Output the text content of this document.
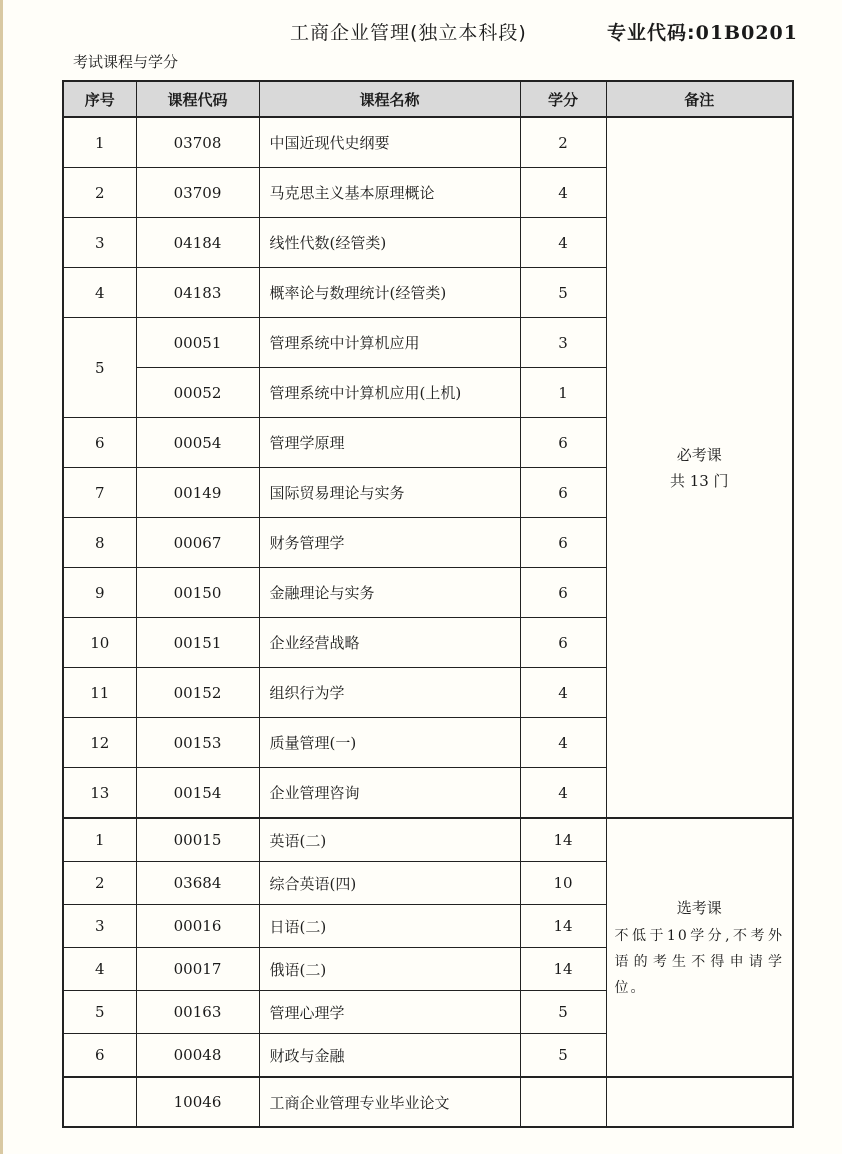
工商企业管理(独立本科段)	专业代码:01B0201
考试课程与学分
序号	课程代码	课程名称	学分	备注
1	03708	中国近现代史纲要	2	必考课
共 13 门
2	03709	马克思主义基本原理概论	4	
3	04184	线性代数(经管类)	4	
4	04183	概率论与数理统计(经管类)	5	
5	00051	管理系统中计算机应用	3	
	00052	管理系统中计算机应用(上机)	1	
6	00054	管理学原理	6	
7	00149	国际贸易理论与实务	6	
8	00067	财务管理学	6	
9	00150	金融理论与实务	6	
10	00151	企业经营战略	6	
11	00152	组织行为学	4	
12	00153	质量管理(一)	4	
13	00154	企业管理咨询	4	
1	00015	英语(二)	14	选考课
不低于10学分,不考外语的考生不得申请学位。

2	03684	综合英语(四)	10	
3	00016	日语(二)	14	
4	00017	俄语(二)	14	
5	00163	管理心理学	5	
6	00048	财政与金融	5	
	10046	工商企业管理专业毕业论文		
